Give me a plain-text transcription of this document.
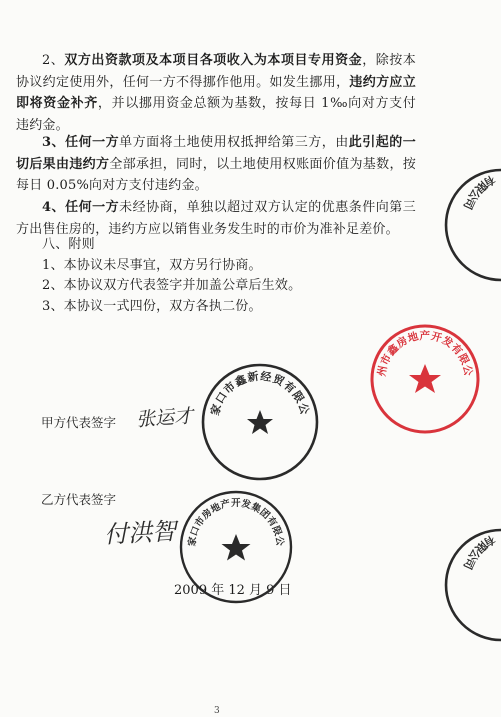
2、双方出资款项及本项目各项收入为本项目专用资金，除按本协议约定使用外，任何一方不得挪作他用。如发生挪用，违约方应立即将资金补齐，并以挪用资金总额为基数，按每日 1‰向对方支付违约金。

3、任何一方单方面将土地使用权抵押给第三方，由此引起的一切后果由违约方全部承担，同时，以土地使用权账面价值为基数，按每日 0.05%向对方支付违约金。

4、任何一方未经协商，单独以超过双方认定的优惠条件向第三方出售住房的，违约方应以销售业务发生时的市价为准补足差价。

八、附则

1、本协议未尽事宜，双方另行协商。

2、本协议双方代表签字并加盖公章后生效。

3、本协议一式四份，双方各执二份。

甲方代表签字 张运才
乙方代表签字
付洪智
2009 年 12 月 9 日
3
张家口市鑫新经贸有限公司
沧州市鑫房地产开发有限公司
张家口市房地产开发集团有限公司
有限公司
有限公司
